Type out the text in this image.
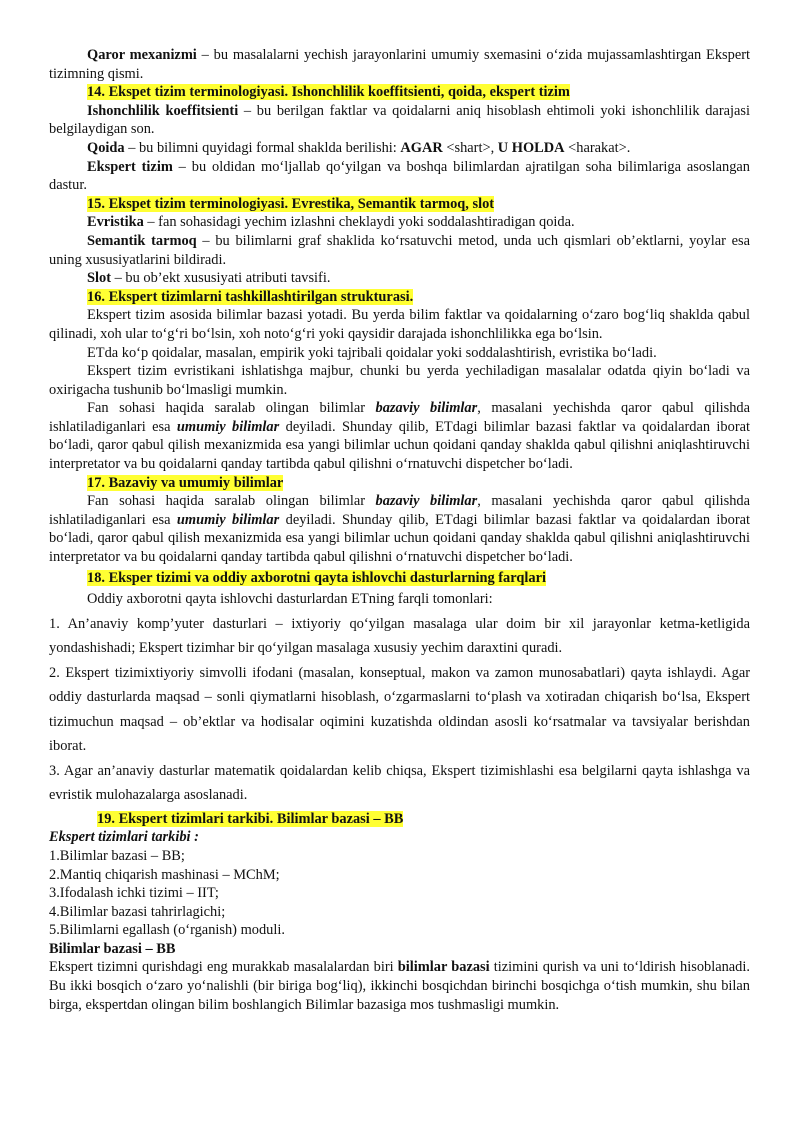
Qaror mexanizmi – bu masalalarni yechish jarayonlarini umumiy sxemasini o‘zida mujassamlashtirgan Ekspert tizimning qismi.

14. Ekspet tizim terminologiyasi. Ishonchlilik koeffitsienti, qoida, ekspert tizim

Ishonchlilik koeffitsienti – bu berilgan faktlar va qoidalarni aniq hisoblash ehtimoli yoki ishonchlilik darajasi belgilaydigan son.

Qoida – bu bilimni quyidagi formal shaklda berilishi: AGAR <shart>, U HOLDA <harakat>.

Ekspert tizim – bu oldidan mo‘ljallab qo‘yilgan va boshqa bilimlardan ajratilgan soha bilimlariga asoslangan dastur.

15. Ekspet tizim terminologiyasi. Evrestika, Semantik tarmoq, slot

Evristika – fan sohasidagi yechim izlashni cheklaydi yoki soddalashtiradigan qoida.

Semantik tarmoq – bu bilimlarni graf shaklida ko‘rsatuvchi metod, unda uch qismlari ob’ektlarni, yoylar esa uning xususiyatlarini bildiradi.

Slot – bu ob’ekt xususiyati atributi tavsifi.

16. Ekspert tizimlarni tashkillashtirilgan strukturasi.

Ekspert tizim asosida bilimlar bazasi yotadi. Bu yerda bilim faktlar va qoidalarning o‘zaro bog‘liq shaklda qabul qilinadi, xoh ular to‘g‘ri bo‘lsin, xoh noto‘g‘ri yoki qaysidir darajada ishonchlilikka ega bo‘lsin.

ETda ko‘p qoidalar, masalan, empirik yoki tajribali qoidalar yoki soddalashtirish, evristika bo‘ladi.

Ekspert tizim evristikani ishlatishga majbur, chunki bu yerda yechiladigan masalalar odatda qiyin bo‘ladi va oxirigacha tushunib bo‘lmasligi mumkin.

Fan sohasi haqida saralab olingan bilimlar bazaviy bilimlar, masalani yechishda qaror qabul qilishda ishlatiladiganlari esa umumiy bilimlar deyiladi. Shunday qilib, ETdagi bilimlar bazasi faktlar va qoidalardan iborat bo‘ladi, qaror qabul qilish mexanizmida esa yangi bilimlar uchun qoidani qanday shaklda qabul qilishni aniqlashtiruvchi interpretator va bu qoidalarni qanday tartibda qabul qilishni o‘rnatuvchi dispetcher bo‘ladi.

17. Bazaviy va umumiy bilimlar

Fan sohasi haqida saralab olingan bilimlar bazaviy bilimlar, masalani yechishda qaror qabul qilishda ishlatiladiganlari esa umumiy bilimlar deyiladi. Shunday qilib, ETdagi bilimlar bazasi faktlar va qoidalardan iborat bo‘ladi, qaror qabul qilish mexanizmida esa yangi bilimlar uchun qoidani qanday shaklda qabul qilishni aniqlashtiruvchi interpretator va bu qoidalarni qanday tartibda qabul qilishni o‘rnatuvchi dispetcher bo‘ladi.

18. Eksper tizimi va oddiy axborotni qayta ishlovchi dasturlarning farqlari

Oddiy axborotni qayta ishlovchi dasturlardan ETning farqli tomonlari:

1. An’anaviy komp’yuter dasturlari – ixtiyoriy qo‘yilgan masalaga ular doim bir xil jarayonlar ketma-ketligida yondashishadi; Ekspert tizimhar bir qo‘yilgan masalaga xususiy yechim daraxtini quradi.

2. Ekspert tizimixtiyoriy simvolli ifodani (masalan, konseptual, makon va zamon munosabatlari) qayta ishlaydi. Agar oddiy dasturlarda maqsad – sonli qiymatlarni hisoblash, o‘zgarmaslarni to‘plash va xotiradan chiqarish bo‘lsa, Ekspert tizimuchun maqsad – ob’ektlar va hodisalar oqimini kuzatishda oldindan asosli ko‘rsatmalar va tavsiyalar berishdan iborat.

3. Agar an’anaviy dasturlar matematik qoidalardan kelib chiqsa, Ekspert tizimishlashi esa belgilarni qayta ishlashga va evristik mulohazalarga asoslanadi.

19. Ekspert tizimlari tarkibi. Bilimlar bazasi – BB

Ekspert tizimlari tarkibi :

1.Bilimlar bazasi – BB;

2.Mantiq chiqarish mashinasi – MChM;

3.Ifodalash ichki tizimi – IIT;

4.Bilimlar bazasi tahrirlagichi;

5.Bilimlarni egallash (o‘rganish) moduli.

Bilimlar bazasi – BB

Ekspert tizimni qurishdagi eng murakkab masalalardan biri bilimlar bazasi tizimini qurish va uni to‘ldirish hisoblanadi. Bu ikki bosqich o‘zaro yo‘nalishli (bir biriga bog‘liq), ikkinchi bosqichdan birinchi bosqichga o‘tish mumkin, shu bilan birga, ekspertdan olingan bilim boshlangich Bilimlar bazasiga mos tushmasligi mumkin.
